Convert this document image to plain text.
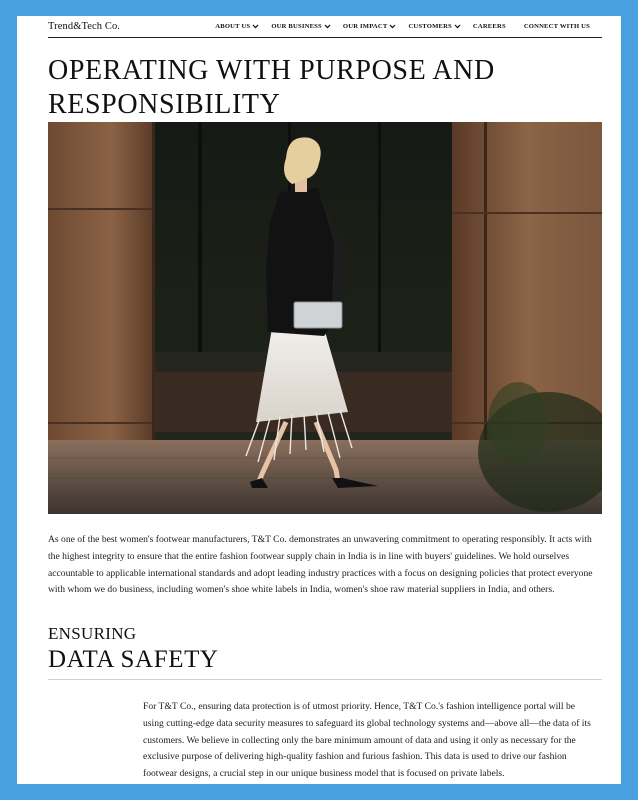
Trend&Tech Co.	ABOUT US	OUR BUSINESS	OUR IMPACT	CUSTOMERS	CAREERS	CONNECT WITH US
OPERATING WITH PURPOSE AND
RESPONSIBILITY

As one of the best women's footwear manufacturers, T&T Co. demonstrates an unwavering commitment to operating responsibly. It acts with the highest integrity to ensure that the entire fashion footwear supply chain in India is in line with buyers' guidelines. We hold ourselves accountable to applicable international standards and adopt leading industry practices with a focus on designing policies that protect everyone with whom we do business, including women's shoe white labels in India, women's shoe raw material suppliers in India, and others.

ENSURING
DATA SAFETY

For T&T Co., ensuring data protection is of utmost priority. Hence, T&T Co.'s fashion intelligence portal will be using cutting-edge data security measures to safeguard its global technology systems and—above all—the data of its customers. We believe in collecting only the bare minimum amount of data and using it only as necessary for the exclusive purpose of delivering high-quality fashion and furious fashion. This data is used to drive our fashion footwear designs, a crucial step in our unique business model that is focused on private labels.
